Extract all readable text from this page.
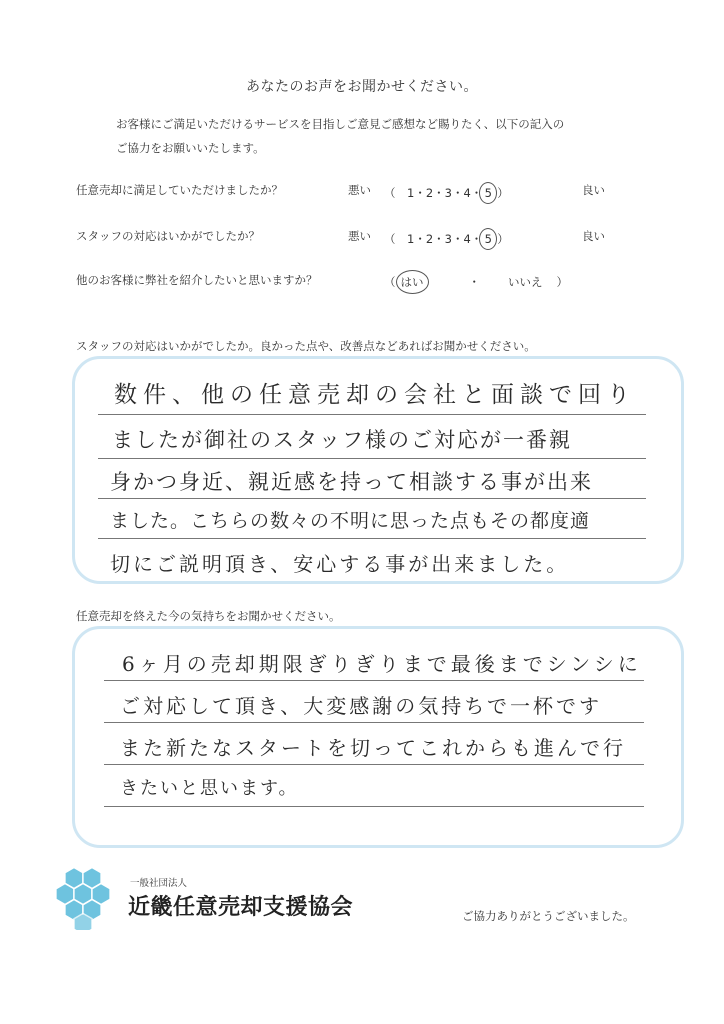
あなたのお声をお聞かせください。
お客様にご満足いただけるサービスを目指しご意見ご感想など賜りたく、以下の記入の
ご協力をお願いいたします。
任意売却に満足していただけましたか？	悪い （　1・2・3・4・ 5 ）	良い
スタッフの対応はいかがでしたか？	悪い （　1・2・3・4・ 5 ）	良い
他のお客様に弊社を紹介したいと思いますか？	（ はい	・ いいえ ）
スタッフの対応はいかがでしたか。良かった点や、改善点などあればお聞かせください。
数件、他の任意売却の会社と面談で回り
ましたが御社のスタッフ様のご対応が一番親
身かつ身近、親近感を持って相談する事が出来
ました。こちらの数々の不明に思った点もその都度適
切にご説明頂き、安心する事が出来ました。
任意売却を終えた今の気持ちをお聞かせください。
6ヶ月の売却期限ぎりぎりまで最後までシンシに
ご対応して頂き、大変感謝の気持ちで一杯です
また新たなスタートを切ってこれからも進んで行
きたいと思います。
一般社団法人
近畿任意売却支援協会	ご協力ありがとうございました。
